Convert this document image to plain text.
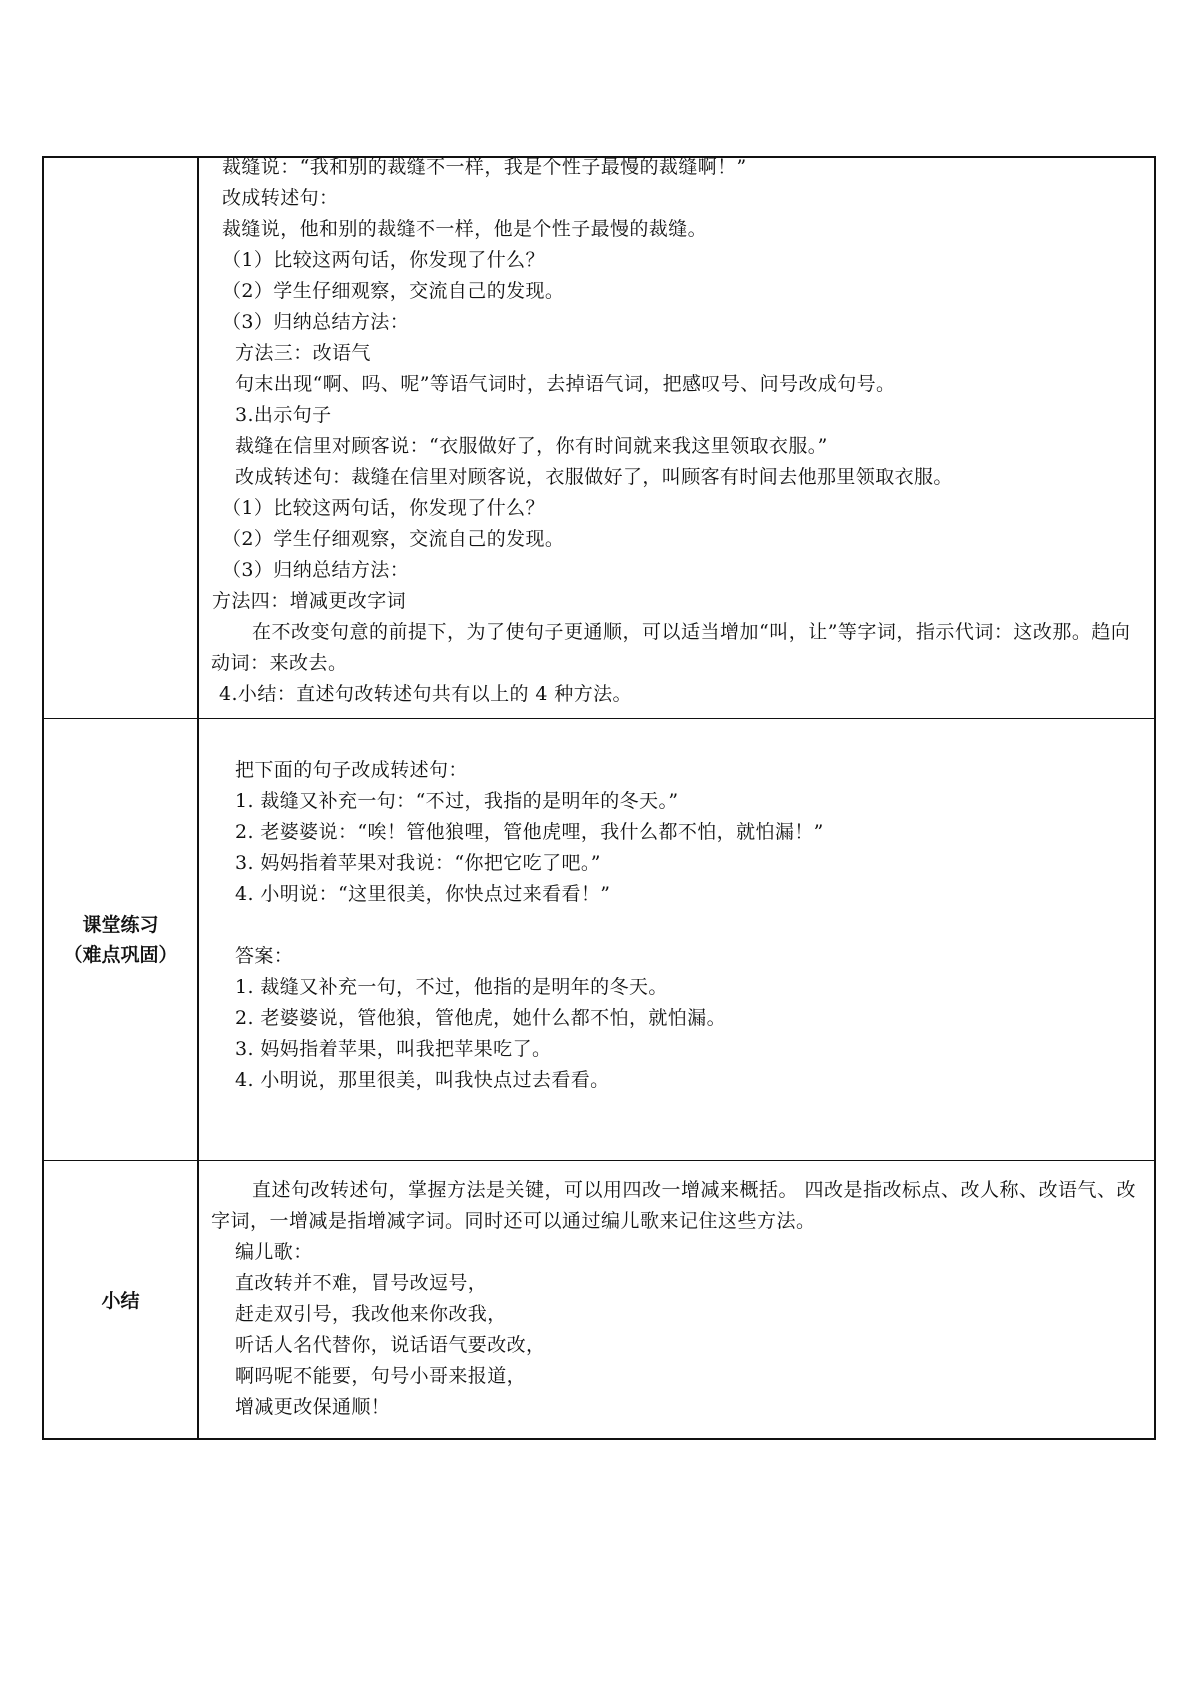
裁缝说：“我和别的裁缝不一样，我是个性子最慢的裁缝啊！”
改成转述句：
裁缝说，他和别的裁缝不一样，他是个性子最慢的裁缝。
（1）比较这两句话，你发现了什么？
（2）学生仔细观察，交流自己的发现。
（3）归纳总结方法：
方法三：改语气
句末出现“啊、吗、呢”等语气词时，去掉语气词，把感叹号、问号改成句号。
3.出示句子
裁缝在信里对顾客说：“衣服做好了，你有时间就来我这里领取衣服。”
改成转述句：裁缝在信里对顾客说，衣服做好了，叫顾客有时间去他那里领取衣服。
（1）比较这两句话，你发现了什么？
（2）学生仔细观察，交流自己的发现。
（3）归纳总结方法：
方法四：增减更改字词
在不改变句意的前提下，为了使句子更通顺，可以适当增加“叫，让”等字词，指示代词：这改那。趋向动词：来改去。
4.小结：直述句改转述句共有以上的 4 种方法。
课堂练习
（难点巩固）
把下面的句子改成转述句：
1. 裁缝又补充一句：“不过，我指的是明年的冬天。”
2. 老婆婆说：“唉！管他狼哩，管他虎哩，我什么都不怕，就怕漏！”
3. 妈妈指着苹果对我说：“你把它吃了吧。”
4. 小明说：“这里很美，你快点过来看看！”
答案：
1. 裁缝又补充一句，不过，他指的是明年的冬天。
2. 老婆婆说，管他狼，管他虎，她什么都不怕，就怕漏。
3. 妈妈指着苹果，叫我把苹果吃了。
4. 小明说，那里很美，叫我快点过去看看。
小结
直述句改转述句，掌握方法是关键，可以用四改一增减来概括。 四改是指改标点、改人称、改语气、改字词，一增减是指增减字词。同时还可以通过编儿歌来记住这些方法。
编儿歌：
直改转并不难，冒号改逗号，
赶走双引号，我改他来你改我，
听话人名代替你，说话语气要改改，
啊吗呢不能要，句号小哥来报道，
增减更改保通顺！
